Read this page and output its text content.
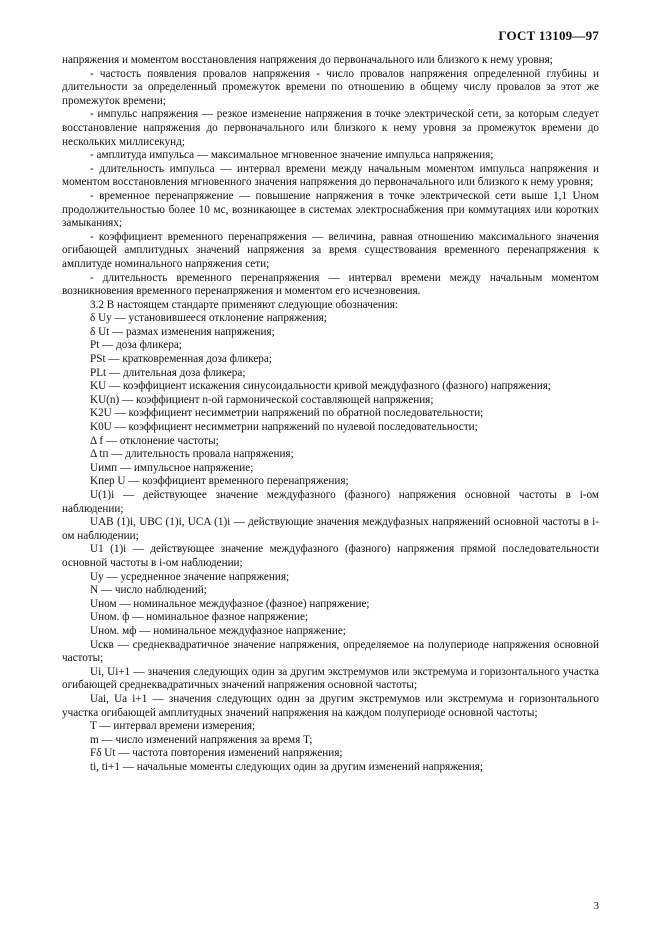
ГОСТ 13109—97

напряжения и моментом восстановления напряжения до первоначального или близкого к нему уровня;

- частость появления провалов напряжения - число провалов напряжения определенной глубины и длительности за определенный промежуток времени по отношению в общему числу провалов за этот же промежуток времени;

- импульс напряжения — резкое изменение напряжения в точке электрической сети, за которым следует восстановление напряжения до первоначального или близкого к нему уровня за промежуток времени до нескольких миллисекунд;

- амплитуда импульса — максимальное мгновенное значение импульса напряжения;

- длительность импульса — интервал времени между начальным моментом импульса напряжения и моментом восстановления мгновенного значения напряжения до первоначального или близкого к нему уровня;

- временное перенапряжение — повышение напряжения в точке электрической сети выше 1,1 Uном продолжительностью более 10 мс, возникающее в системах электроснабжения при коммутациях или коротких замыканиях;

- коэффициент временного перенапряжения — величина, равная отношению максимального значения огибающей амплитудных значений напряжения за время существования временного перенапряжения к амплитуде номинального напряжения сети;

- длительность временного перенапряжения — интервал времени между начальным моментом возникновения временного перенапряжения и моментом его исчезновения.

3.2 В настоящем стандарте применяют следующие обозначения:

δ Uу — установившееся отклонение напряжения;

δ Ut — размах изменения напряжения;

Pt — доза фликера;

PSt — кратковременная доза фликера;

PLt — длительная доза фликера;

KU — коэффициент искажения синусоидальности кривой междуфазного (фазного) напряжения;

KU(n) — коэффициент n-ой гармонической составляющей напряжения;

K2U — коэффициент несимметрии напряжений по обратной последовательности;

K0U — коэффициент несимметрии напряжений по нулевой последовательности;

Δ f — отклонение частоты;

Δ tп — длительность провала напряжения;

Uимп — импульсное напряжение;

Kпер U — коэффициент временного перенапряжения;

U(1)i — действующее значение междуфазного (фазного) напряжения основной частоты в i-ом наблюдении;

UAB (1)i, UBC (1)i, UCA (1)i — действующие значения междуфазных напряжений основной частоты в i-ом наблюдении;

U1 (1)i — действующее значение междуфазного (фазного) напряжения прямой последовательности основной частоты в i-ом наблюдении;

Uу — усредненное значение напряжения;

N — число наблюдений;

Uном — номинальное междуфазное (фазное) напряжение;

Uном. ф — номинальное фазное напряжение;

Uном. мф — номинальное междуфазное напряжение;

Uскв — среднеквадратичное значение напряжения, определяемое на полупериоде напряжения основной частоты;

Ui, Ui+1 — значения следующих один за другим экстремумов или экстремума и горизонтального участка огибающей среднеквадратичных значений напряжения основной частоты;

Uai, Ua i+1 — значения следующих один за другим экстремумов или экстремума и горизонтального участка огибающей амплитудных значений напряжения на каждом полупериоде основной частоты;

T — интервал времени измерения;

m — число изменений напряжения за время T;

Fδ Ut — частота повторения изменений напряжения;

ti, ti+1 — начальные моменты следующих один за другим изменений напряжения;

3
